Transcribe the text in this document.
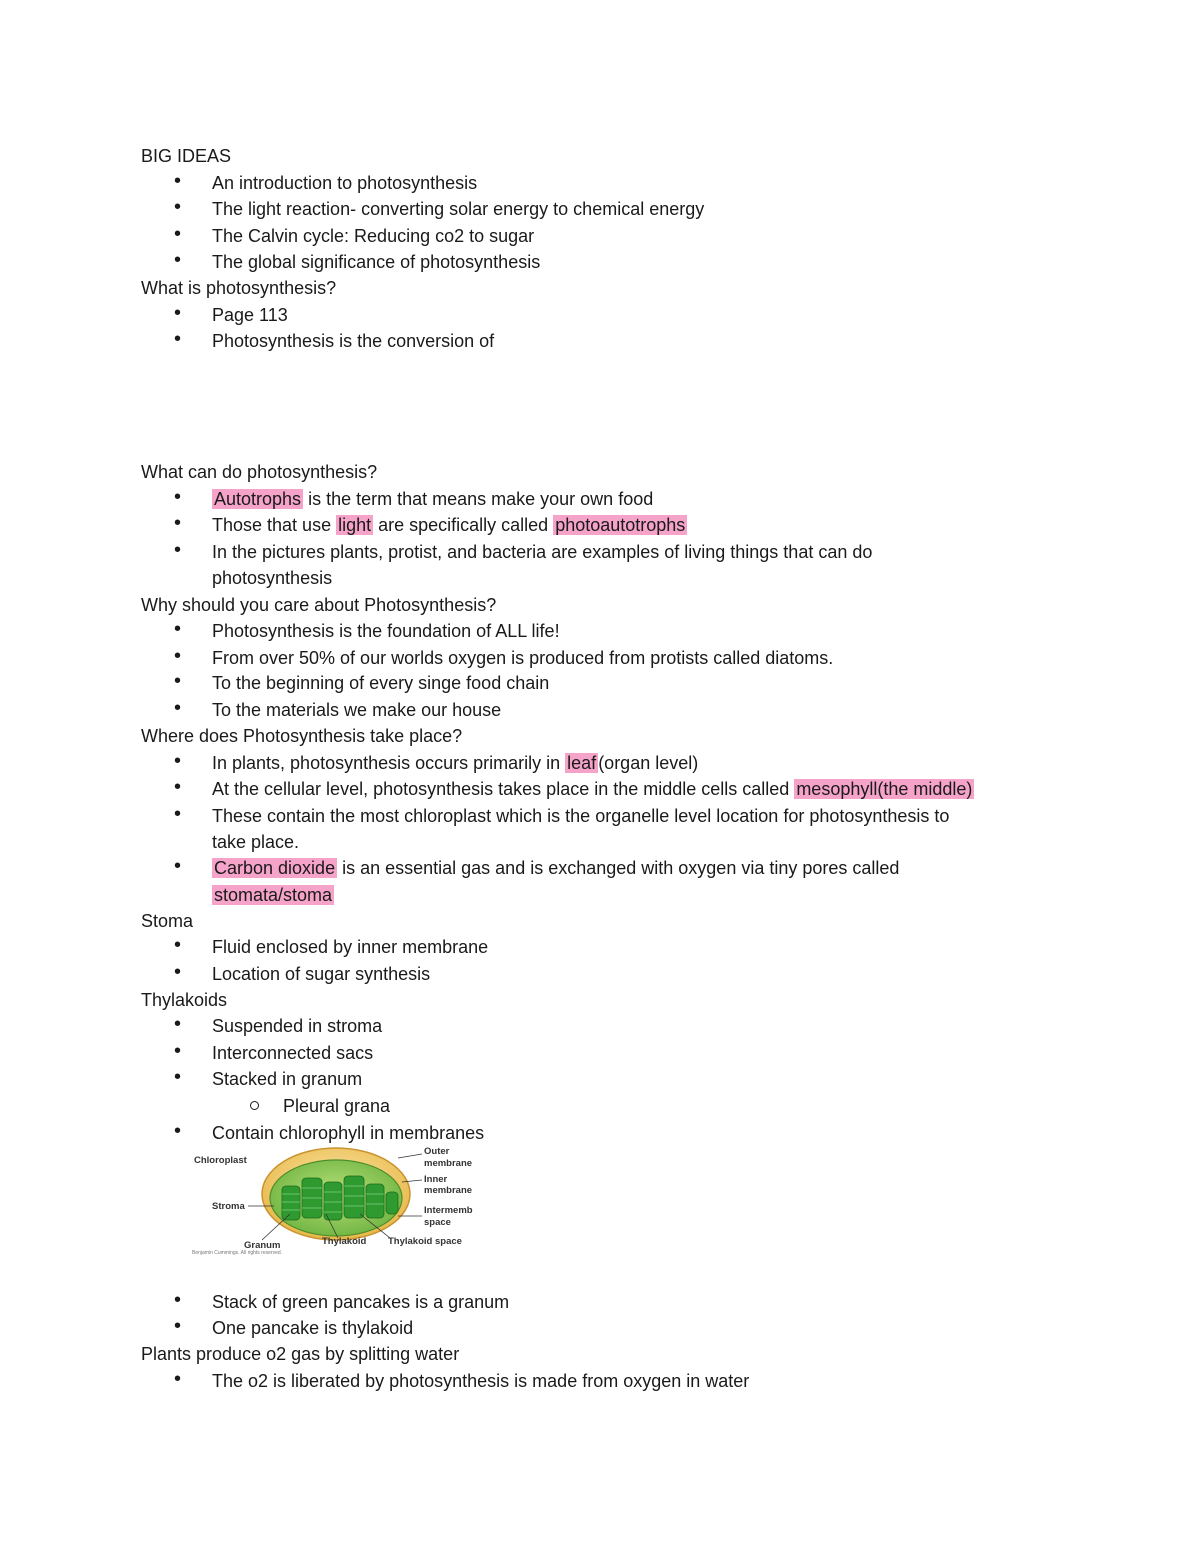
BIG IDEAS
• An introduction to photosynthesis
• The light reaction- converting solar energy to chemical energy
• The Calvin cycle: Reducing co2 to sugar
• The global significance of photosynthesis
What is photosynthesis?
• Page 113
• Photosynthesis is the conversion of
What can do photosynthesis?
• Autotrophs is the term that means make your own food
• Those that use light are specifically called photoautotrophs
• In the pictures plants, protist, and bacteria are examples of living things that can do
photosynthesis
Why should you care about Photosynthesis?
• Photosynthesis is the foundation of ALL life!
• From over 50% of our worlds oxygen is produced from protists called diatoms.
• To the beginning of every singe food chain
• To the materials we make our house
Where does Photosynthesis take place?
• In plants, photosynthesis occurs primarily in leaf (organ level)
• At the cellular level, photosynthesis takes place in the middle cells called mesophyll(the middle)
• These contain the most chloroplast which is the organelle level location for photosynthesis to
take place.
• Carbon dioxide is an essential gas and is exchanged with oxygen via tiny pores called
stomata/stoma
Stoma
• Fluid enclosed by inner membrane
• Location of sugar synthesis
Thylakoids
• Suspended in stroma
• Interconnected sacs
• Stacked in granum
Pleural grana
• Contain chlorophyll in membranes
Chloroplast
Stroma
Granum
Benjamin Cummings. All rights reserved.
Thylakoid Thylakoid space
Outer
membrane
Inner
membrane
Intermemb
space
• Stack of green pancakes is a granum
• One pancake is thylakoid
Plants produce o2 gas by splitting water
• The o2 is liberated by photosynthesis is made from oxygen in water
